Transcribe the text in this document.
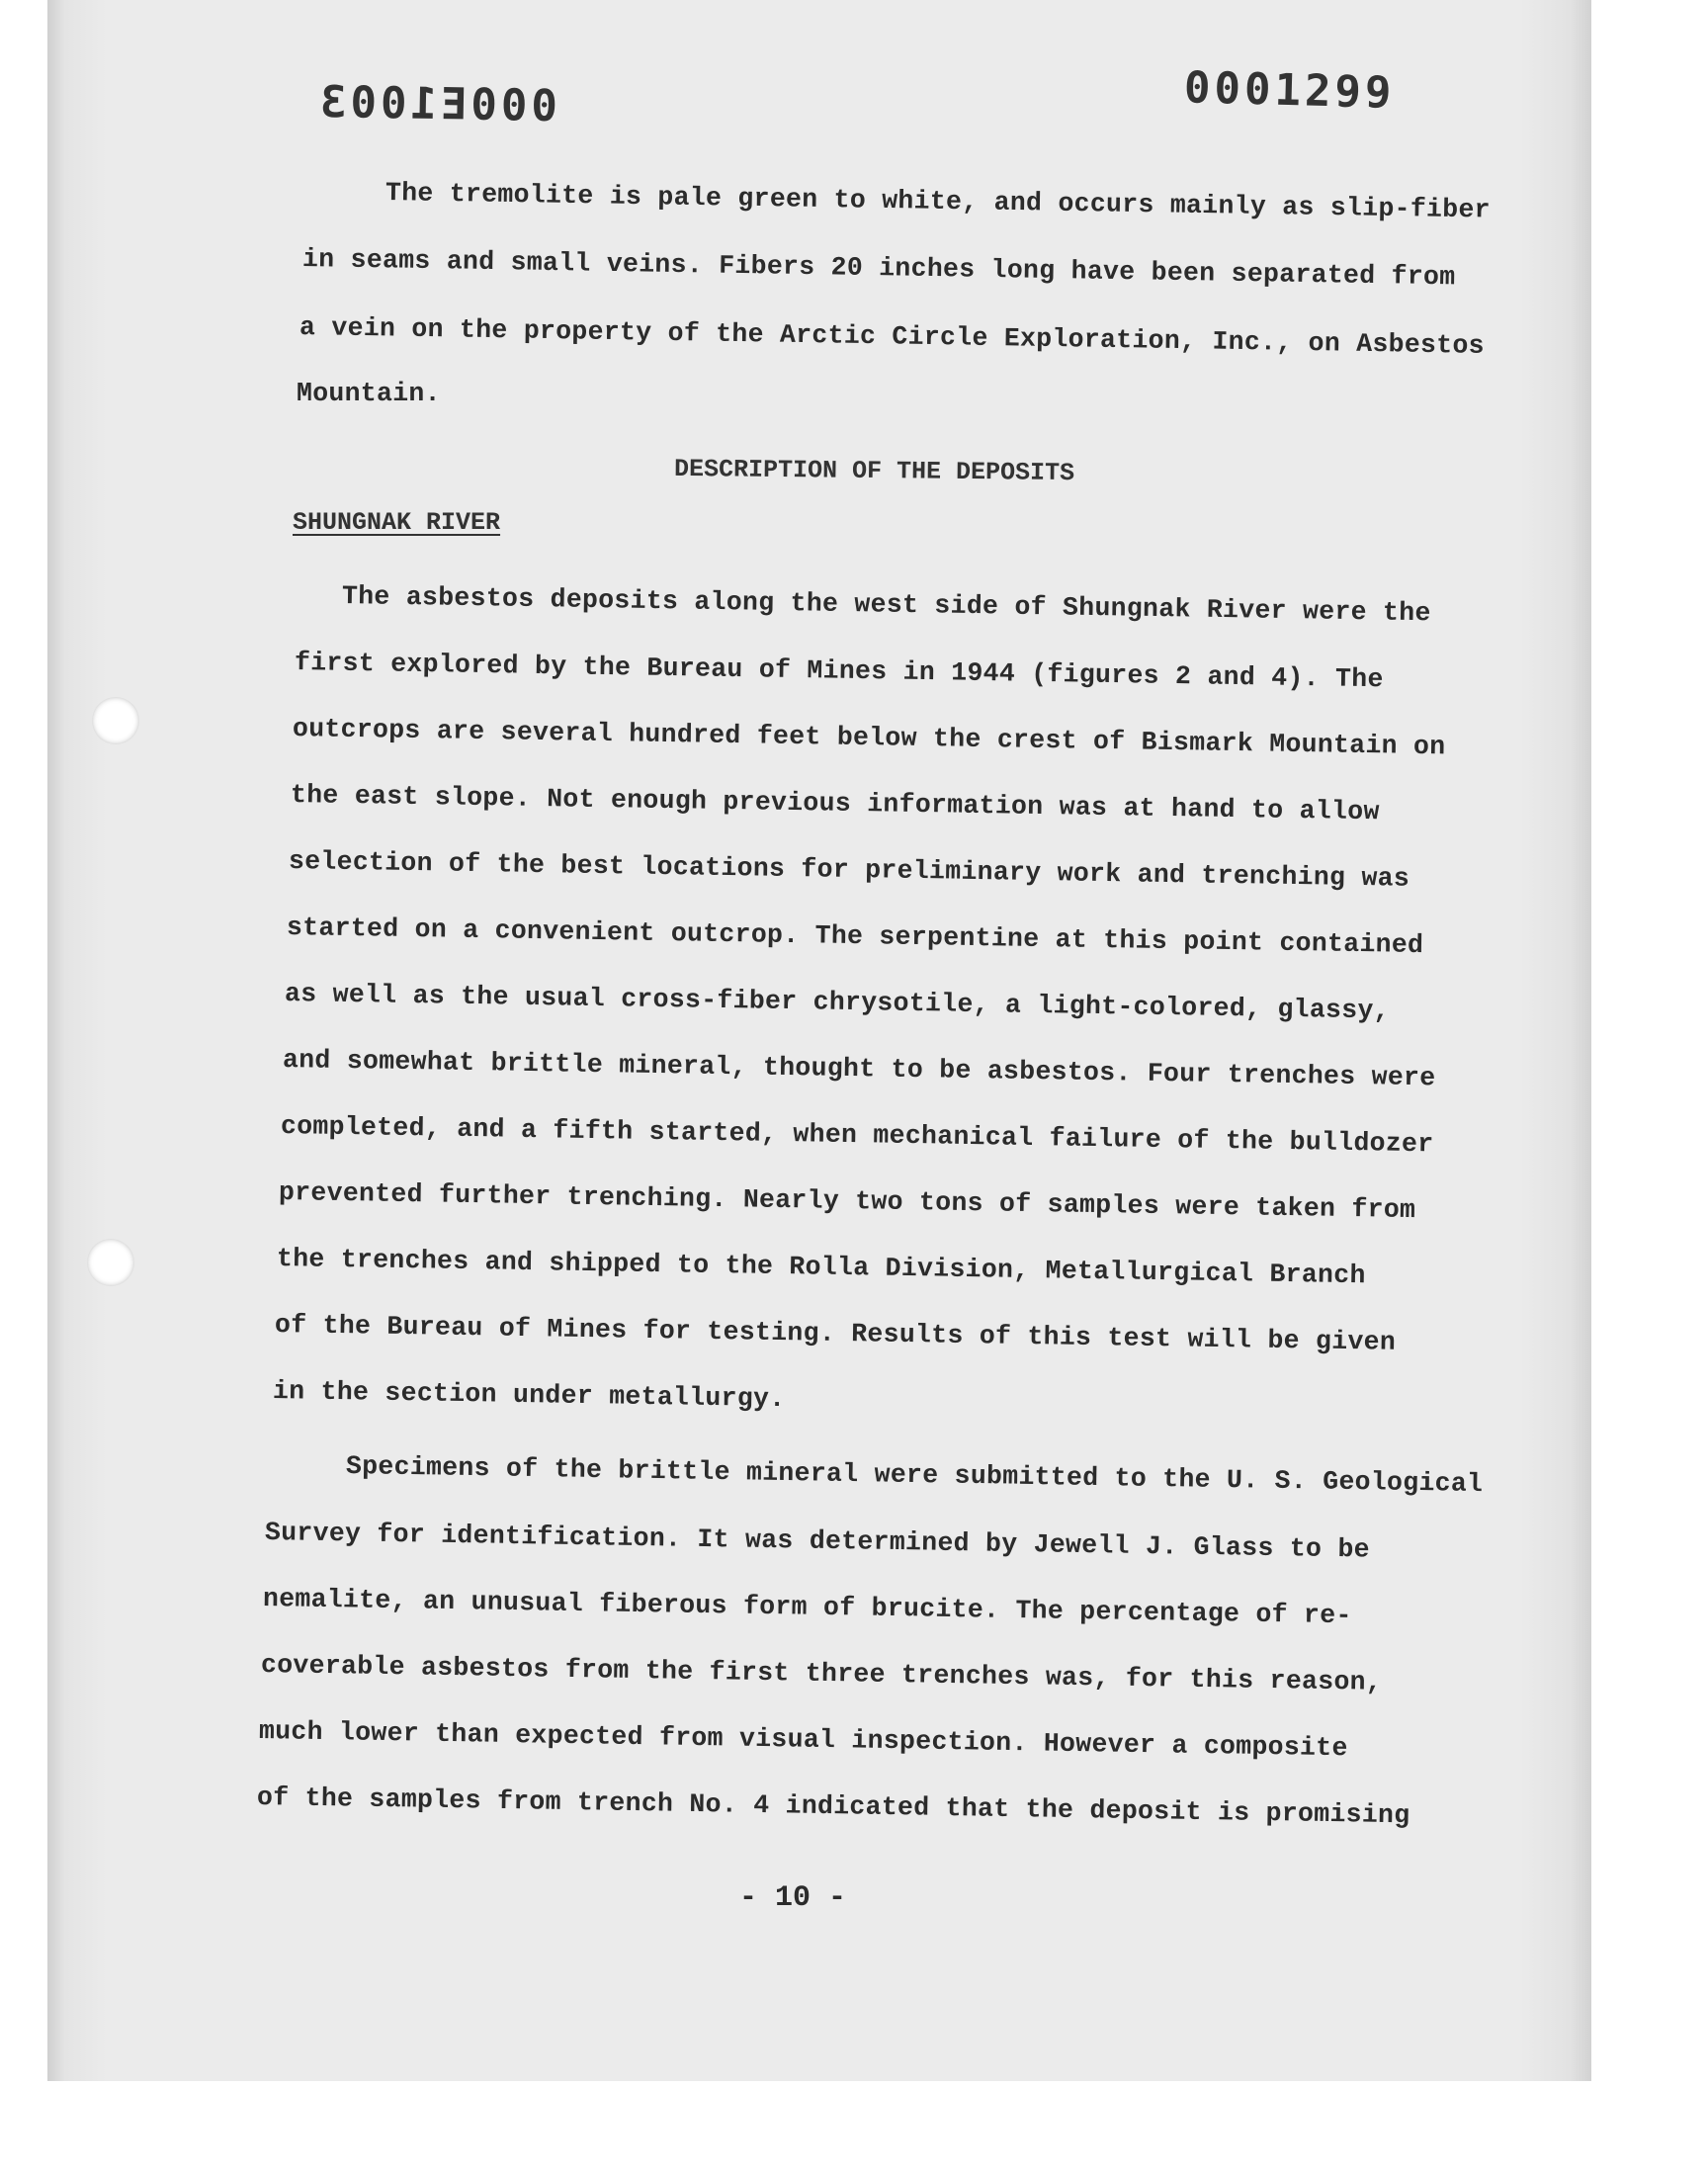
000E1003	0001299
The tremolite is pale green to white, and occurs mainly as slip-fiber
in seams and small veins. Fibers 20 inches long have been separated from
a vein on the property of the Arctic Circle Exploration, Inc., on Asbestos
Mountain.
DESCRIPTION OF THE DEPOSITS
SHUNGNAK RIVER
The asbestos deposits along the west side of Shungnak River were the
first explored by the Bureau of Mines in 1944 (figures 2 and 4). The
outcrops are several hundred feet below the crest of Bismark Mountain on
the east slope. Not enough previous information was at hand to allow
selection of the best locations for preliminary work and trenching was
started on a convenient outcrop. The serpentine at this point contained
as well as the usual cross-fiber chrysotile, a light-colored, glassy,
and somewhat brittle mineral, thought to be asbestos. Four trenches were
completed, and a fifth started, when mechanical failure of the bulldozer
prevented further trenching. Nearly two tons of samples were taken from
the trenches and shipped to the Rolla Division, Metallurgical Branch
of the Bureau of Mines for testing. Results of this test will be given
in the section under metallurgy.
Specimens of the brittle mineral were submitted to the U. S. Geological
Survey for identification. It was determined by Jewell J. Glass to be
nemalite, an unusual fiberous form of brucite. The percentage of re-
coverable asbestos from the first three trenches was, for this reason,
much lower than expected from visual inspection. However a composite
of the samples from trench No. 4 indicated that the deposit is promising
- 10 -
